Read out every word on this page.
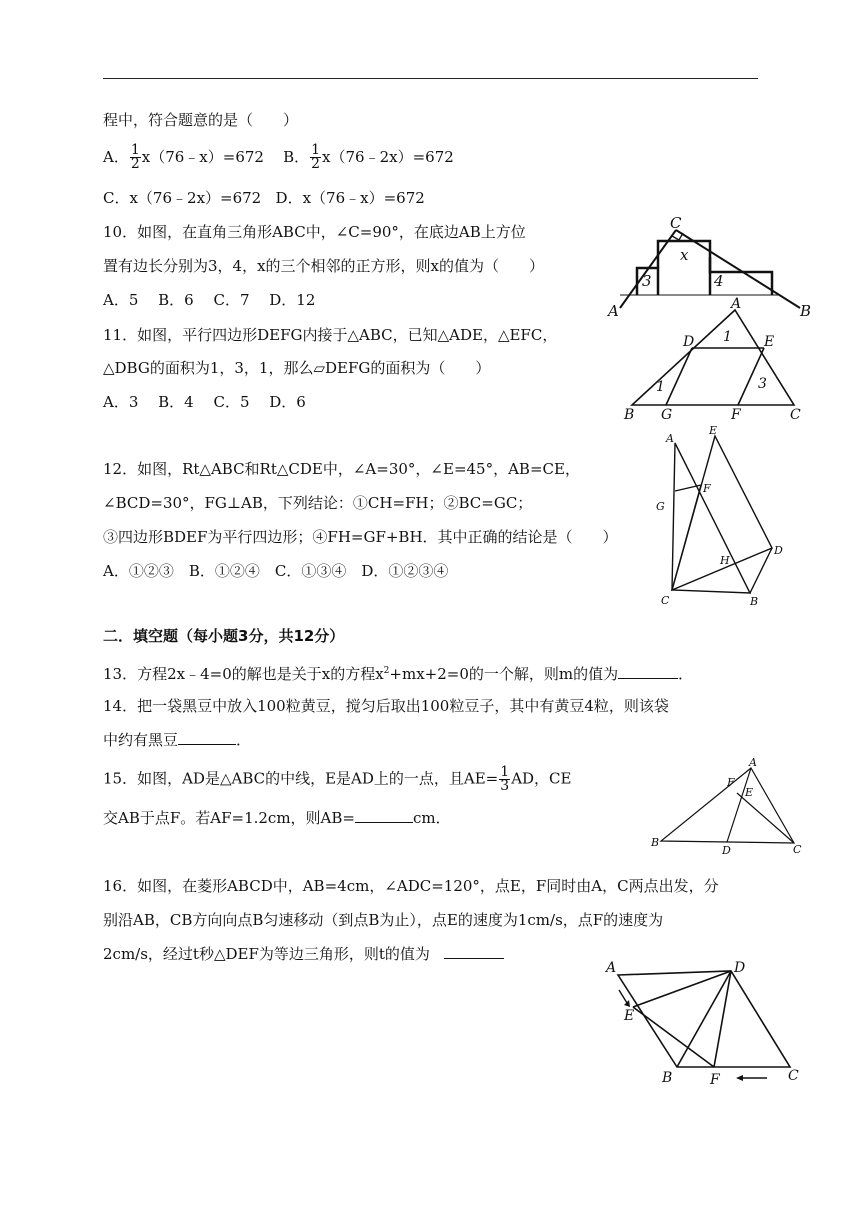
程中，符合题意的是（　　）
A． $\frac{1}{2}$ x（76﹣x）=672 B． $\frac{1}{2}$ x（76﹣2x）=672
C．x（76﹣2x）=672 D．x（76﹣x）=672
10．如图，在直角三角形ABC中，∠C=90°，在底边AB上方位
置有边长分别为3，4，x的三个相邻的正方形，则x的值为（　　）
A．5　 B．6　 C．7　 D．12
A	B
C
x
3	4
11．如图，平行四边形DEFG内接于△ABC，已知△ADE，△EFC，
△DBG的面积为1，3，1，那么▱DEFG的面积为（　　）
A．3　 B．4　 C．5　 D．6
A
B	C
D	E
F
G
1
1	3
12．如图，Rt△ABC和Rt△CDE中，∠A=30°，∠E=45°，AB=CE，
∠BCD=30°，FG⊥AB，下列结论：①CH=FH；②BC=GC；
③四边形BDEF为平行四边形；④FH=GF+BH．其中正确的结论是（　　）
A．①②③　B．①②④　C．①③④　D．①②③④
A
B
C
D
E
F
G
H
二．填空题（每小题3分，共12分）
13．方程2x﹣4=0的解也是关于x的方程$x^2+mx+2=0$的一个解，则m的值为	．
14．把一袋黑豆中放入100粒黄豆，搅匀后取出100粒豆子，其中有黄豆4粒，则该袋
中约有黑豆	．
15．如图，AD是△ABC的中线，E是AD上的一点，且$AE= \frac{1}{3}$ AD，CE
交AB于点F。若AF=1.2cm，则AB=	cm．
A
B
C
D
E
F
16．如图，在菱形ABCD中，AB=4cm，∠ADC=120°，点E，F同时由A，C两点出发，分
别沿AB，CB方向向点B匀速移动（到点B为止），点E的速度为1cm/s，点F的速度为
2cm/s，经过t秒△DEF为等边三角形，则t的值为
A
B	C
D
E
F
